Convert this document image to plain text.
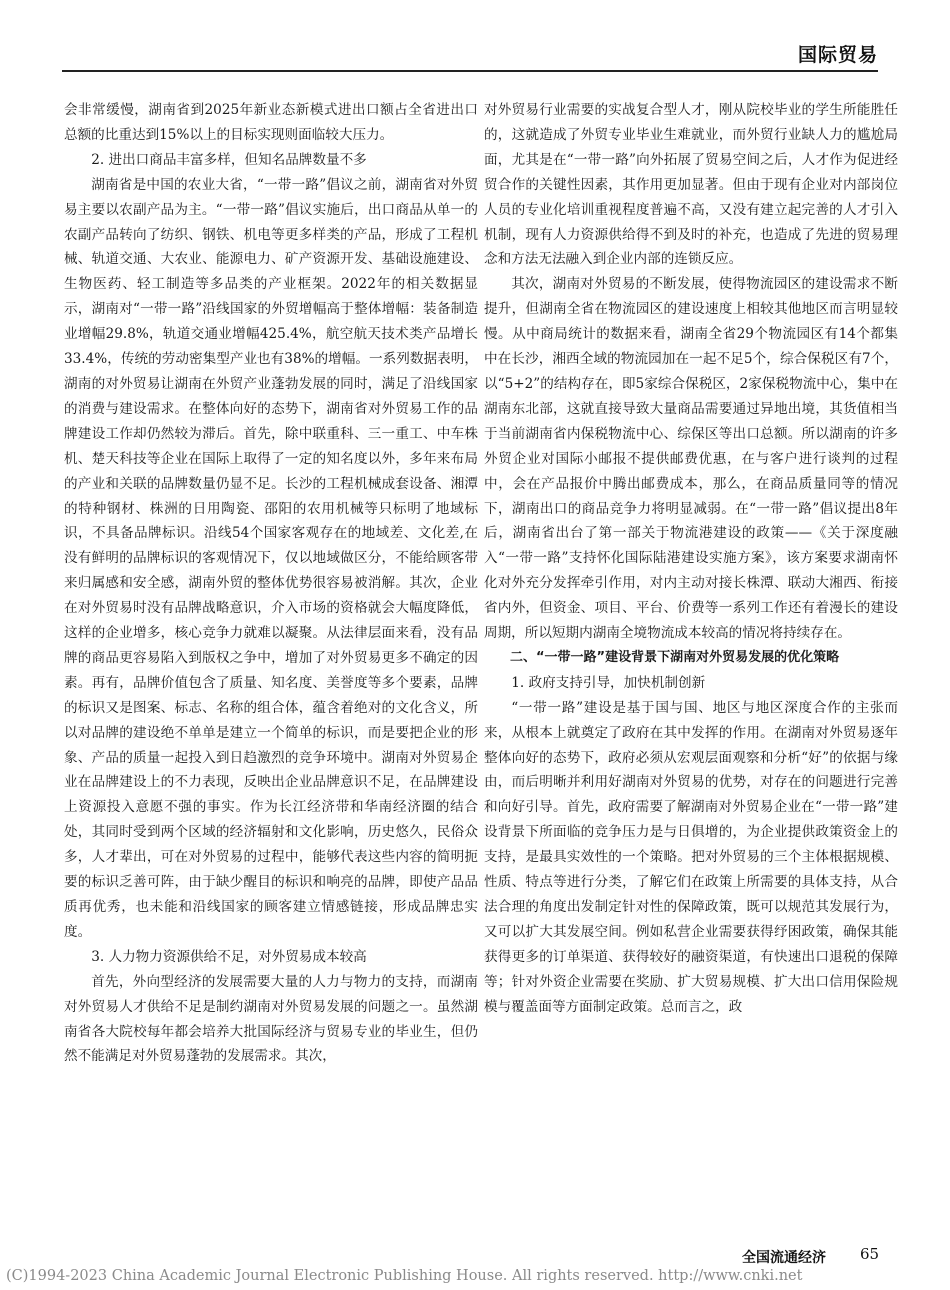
国际贸易

会非常缓慢，湖南省到2025年新业态新模式进出口额占全省进出口总额的比重达到15%以上的目标实现则面临较大压力。

2. 进出口商品丰富多样，但知名品牌数量不多

湖南省是中国的农业大省，“一带一路”倡议之前，湖南省对外贸易主要以农副产品为主。“一带一路”倡议实施后，出口商品从单一的农副产品转向了纺织、钢铁、机电等更多样类的产品，形成了工程机械、轨道交通、大农业、能源电力、矿产资源开发、基础设施建设、生物医药、轻工制造等多品类的产业框架。2022年的相关数据显示，湖南对“一带一路”沿线国家的外贸增幅高于整体增幅：装备制造业增幅29.8%，轨道交通业增幅425.4%，航空航天技术类产品增长33.4%，传统的劳动密集型产业也有38%的增幅。一系列数据表明，湖南的对外贸易让湖南在外贸产业蓬勃发展的同时，满足了沿线国家的消费与建设需求。在整体向好的态势下，湖南省对外贸易工作的品牌建设工作却仍然较为滞后。首先，除中联重科、三一重工、中车株机、楚天科技等企业在国际上取得了一定的知名度以外，多年来布局的产业和关联的品牌数量仍显不足。长沙的工程机械成套设备、湘潭的特种钢材、株洲的日用陶瓷、邵阳的农用机械等只标明了地域标识，不具备品牌标识。沿线54个国家客观存在的地域差、文化差,在没有鲜明的品牌标识的客观情况下，仅以地域做区分，不能给顾客带来归属感和安全感，湖南外贸的整体优势很容易被消解。其次，企业在对外贸易时没有品牌战略意识，介入市场的资格就会大幅度降低，这样的企业增多，核心竞争力就难以凝聚。从法律层面来看，没有品牌的商品更容易陷入到版权之争中，增加了对外贸易更多不确定的因素。再有，品牌价值包含了质量、知名度、美誉度等多个要素，品牌的标识又是图案、标志、名称的组合体，蕴含着绝对的文化含义，所以对品牌的建设绝不单单是建立一个简单的标识，而是要把企业的形象、产品的质量一起投入到日趋激烈的竞争环境中。湖南对外贸易企业在品牌建设上的不力表现，反映出企业品牌意识不足，在品牌建设上资源投入意愿不强的事实。作为长江经济带和华南经济圈的结合处，其同时受到两个区域的经济辐射和文化影响，历史悠久，民俗众多，人才辈出，可在对外贸易的过程中，能够代表这些内容的简明扼要的标识乏善可阵，由于缺少醒目的标识和响亮的品牌，即使产品品质再优秀，也未能和沿线国家的顾客建立情感链接，形成品牌忠实度。

3. 人力物力资源供给不足，对外贸易成本较高

首先，外向型经济的发展需要大量的人力与物力的支持，而湖南对外贸易人才供给不足是制约湖南对外贸易发展的问题之一。虽然湖南省各大院校每年都会培养大批国际经济与贸易专业的毕业生，但仍然不能满足对外贸易蓬勃的发展需求。其次，

对外贸易行业需要的实战复合型人才，刚从院校毕业的学生所能胜任的，这就造成了外贸专业毕业生难就业，而外贸行业缺人力的尴尬局面，尤其是在“一带一路”向外拓展了贸易空间之后，人才作为促进经贸合作的关键性因素，其作用更加显著。但由于现有企业对内部岗位人员的专业化培训重视程度普遍不高，又没有建立起完善的人才引入机制，现有人力资源供给得不到及时的补充，也造成了先进的贸易理念和方法无法融入到企业内部的连锁反应。

其次，湖南对外贸易的不断发展，使得物流园区的建设需求不断提升，但湖南全省在物流园区的建设速度上相较其他地区而言明显较慢。从中商局统计的数据来看，湖南全省29个物流园区有14个都集中在长沙，湘西全域的物流园加在一起不足5个，综合保税区有7个，以“5+2”的结构存在，即5家综合保税区，2家保税物流中心，集中在湖南东北部，这就直接导致大量商品需要通过异地出境，其货值相当于当前湖南省内保税物流中心、综保区等出口总额。所以湖南的许多外贸企业对国际小邮报不提供邮费优惠，在与客户进行谈判的过程中，会在产品报价中腾出邮费成本，那么，在商品质量同等的情况下，湖南出口的商品竞争力将明显减弱。在“一带一路”倡议提出8年后，湖南省出台了第一部关于物流港建设的政策——《关于深度融入“一带一路”支持怀化国际陆港建设实施方案》，该方案要求湖南怀化对外充分发挥牵引作用，对内主动对接长株潭、联动大湘西、衔接省内外，但资金、项目、平台、价费等一系列工作还有着漫长的建设周期，所以短期内湖南全境物流成本较高的情况将持续存在。

二、“一带一路”建设背景下湖南对外贸易发展的优化策略

1. 政府支持引导，加快机制创新

“一带一路”建设是基于国与国、地区与地区深度合作的主张而来，从根本上就奠定了政府在其中发挥的作用。在湖南对外贸易逐年整体向好的态势下，政府必须从宏观层面观察和分析“好”的依据与缘由，而后明晰并利用好湖南对外贸易的优势，对存在的问题进行完善和向好引导。首先，政府需要了解湖南对外贸易企业在“一带一路”建设背景下所面临的竞争压力是与日俱增的，为企业提供政策资金上的支持，是最具实效性的一个策略。把对外贸易的三个主体根据规模、性质、特点等进行分类，了解它们在政策上所需要的具体支持，从合法合理的角度出发制定针对性的保障政策，既可以规范其发展行为，又可以扩大其发展空间。例如私营企业需要获得纾困政策，确保其能获得更多的订单渠道、获得较好的融资渠道，有快速出口退税的保障等；针对外资企业需要在奖励、扩大贸易规模、扩大出口信用保险规模与覆盖面等方面制定政策。总而言之，政

全国流通经济 65
(C)1994-2023 China Academic Journal Electronic Publishing House. All rights reserved. http://www.cnki.net
